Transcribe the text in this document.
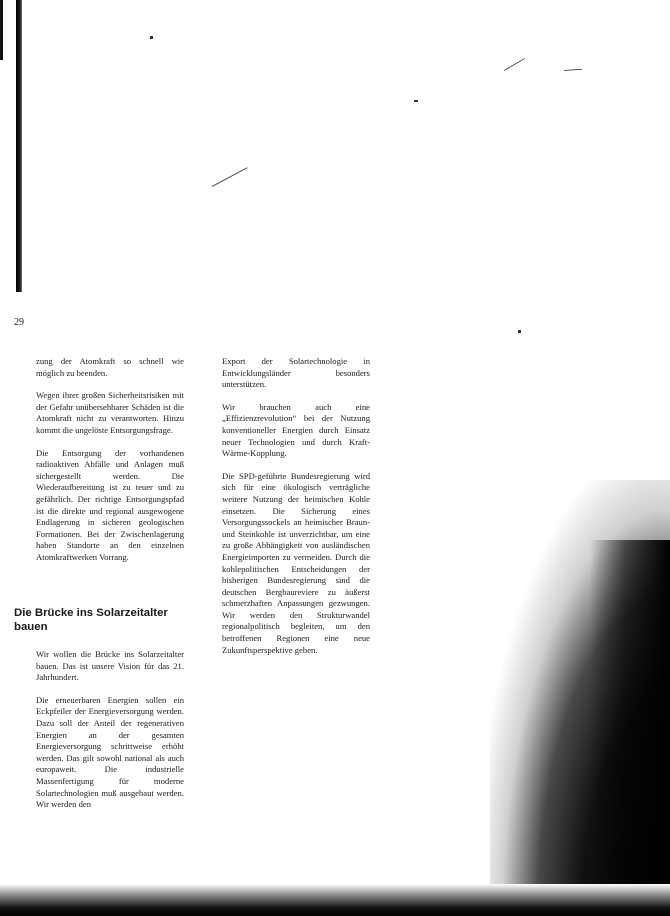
29

zung der Atomkraft so schnell wie möglich zu beenden.

Wegen ihrer großen Sicherheitsrisiken mit der Gefahr unübersehbarer Schäden ist die Atomkraft nicht zu verantworten. Hinzu kommt die ungelöste Entsorgungsfrage.

Die Entsorgung der vorhandenen radioaktiven Abfälle und Anlagen muß sichergestellt werden. Die Wiederaufbereitung ist zu teuer und zu gefährlich. Der richtige Entsorgungspfad ist die direkte und regional ausgewogene Endlagerung in sicheren geologischen Formationen. Bei der Zwischenlagerung haben Standorte an den einzelnen Atomkraftwerken Vorrang.

Die Brücke ins Solarzeitalter bauen

Wir wollen die Brücke ins Solarzeitalter bauen. Das ist unsere Vision für das 21. Jahrhundert.

Die erneuerbaren Energien sollen ein Eckpfeiler der Energieversorgung werden. Dazu soll der Anteil der regenerativen Energien an der gesamten Energieversorgung schrittweise erhöht werden. Das gilt sowohl national als auch europaweit. Die industrielle Massenfertigung für moderne Solartechnologien muß ausgebaut werden. Wir werden den

Export der Solartechnologie in Entwicklungsländer besonders unterstützen.

Wir brauchen auch eine „Effizienzrevolution“ bei der Nutzung konventioneller Energien durch Einsatz neuer Technologien und durch Kraft-Wärme-Kopplung.

Die SPD-geführte Bundesregierung wird sich für eine ökologisch verträgliche weitere Nutzung der heimischen Kohle einsetzen. Die Sicherung eines Versorgungssockels an heimischer Braun- und Steinkohle ist unverzichtbar, um eine zu große Abhängigkeit von ausländischen Energieimporten zu vermeiden. Durch die kohlepolitischen Entscheidungen der bisherigen Bundesregierung sind die deutschen Bergbaureviere zu äußerst schmerzhaften Anpassungen gezwungen. Wir werden den Strukturwandel regionalpolitisch begleiten, um den betroffenen Regionen eine neue Zukunftsperspektive geben.
